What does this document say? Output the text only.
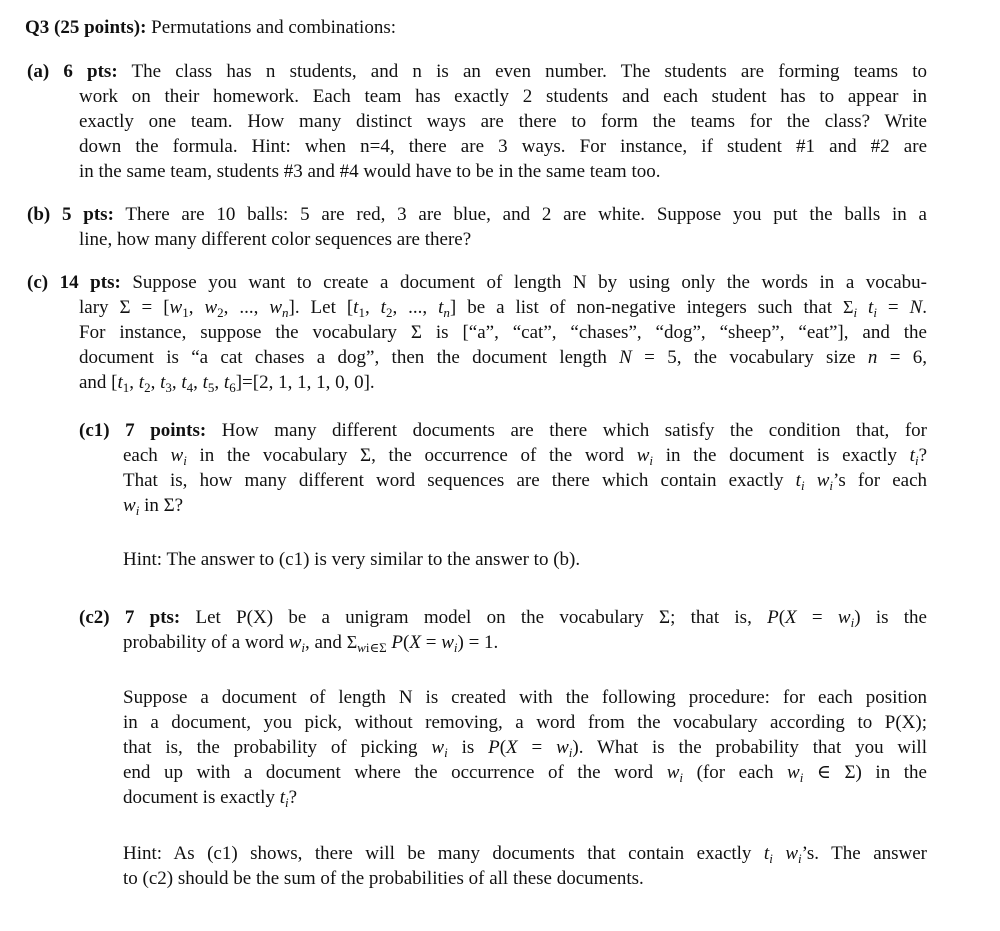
Q3 (25 points): Permutations and combinations:
(a) 6 pts: The class has n students, and n is an even number. The students are forming teams to
work on their homework. Each team has exactly 2 students and each student has to appear in
exactly one team. How many distinct ways are there to form the teams for the class? Write
down the formula. Hint: when n=4, there are 3 ways. For instance, if student #1 and #2 are
in the same team, students #3 and #4 would have to be in the same team too.
(b) 5 pts: There are 10 balls: 5 are red, 3 are blue, and 2 are white. Suppose you put the balls in a
line, how many different color sequences are there?
(c) 14 pts: Suppose you want to create a document of length N by using only the words in a vocabu-
lary $\Sigma = [w_1$, $w_2$, ..., $w_n$]. Let [$t_1$, $t_2$, ..., $t_n$] be a list of non-negative integers such that $\Sigma_i$ $t_i = N$.
For instance, suppose the vocabulary Σ is [“a”, “cat”, “chases”, “dog”, “sheep”, “eat”], and the
document is “a cat chases a dog”, then the document length N = 5, the vocabulary size n = 6,
and [$t_1$, $t_2$, $t_3$, $t_4$, $t_5$, $t_6]=[2$, 1, 1, 1, 0, 0].
(c1) 7 points: How many different documents are there which satisfy the condition that, for
each $w_i$ in the vocabulary Σ, the occurrence of the word $w_i$ in the document is exactly $t_i$?
That is, how many different word sequences are there which contain exactly $t_i$ $w_i’s$ for each
$w_i$ in Σ?
Hint: The answer to (c1) is very similar to the answer to (b).
(c2) 7 pts: Let P(X) be a unigram model on the vocabulary Σ; that is, $P(X = w_i)$ is the
probability of a word $w_i$, and $\Sigma_{wi\in\Sigma}$ $P(X = w_i) = 1$.
Suppose a document of length N is created with the following procedure: for each position
in a document, you pick, without removing, a word from the vocabulary according to P(X);
that is, the probability of picking $w_i$ is $P(X = w_i)$. What is the probability that you will
end up with a document where the occurrence of the word $w_i$ (for each $w_i$ ∈ Σ) in the
document is exactly $t_i$?
Hint: As (c1) shows, there will be many documents that contain exactly $t_i$ $w_i’s$. The answer
to (c2) should be the sum of the probabilities of all these documents.
